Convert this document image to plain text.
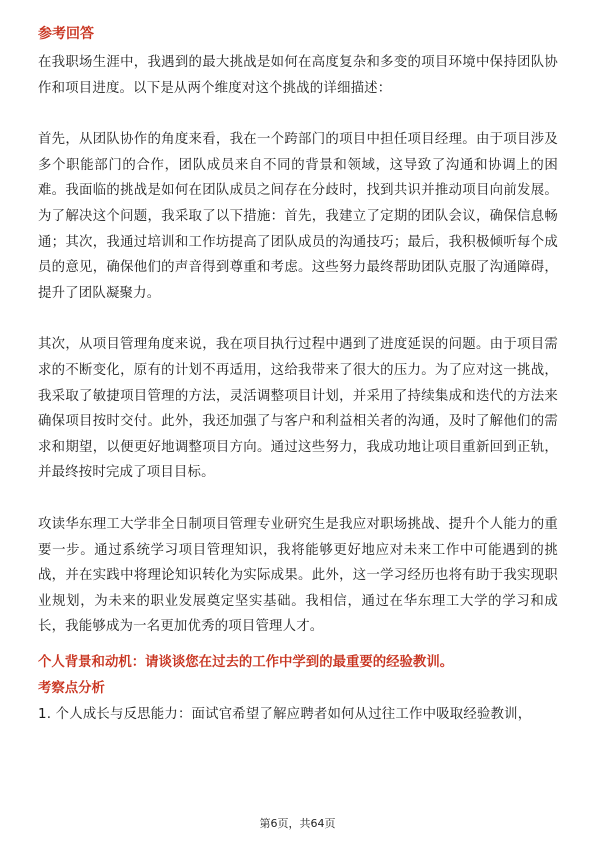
参考回答

在我职场生涯中，我遇到的最大挑战是如何在高度复杂和多变的项目环境中保持团队协作和项目进度。以下是从两个维度对这个挑战的详细描述：

首先，从团队协作的角度来看，我在一个跨部门的项目中担任项目经理。由于项目涉及多个职能部门的合作，团队成员来自不同的背景和领域，这导致了沟通和协调上的困难。我面临的挑战是如何在团队成员之间存在分歧时，找到共识并推动项目向前发展。为了解决这个问题，我采取了以下措施：首先，我建立了定期的团队会议，确保信息畅通；其次，我通过培训和工作坊提高了团队成员的沟通技巧；最后，我积极倾听每个成员的意见，确保他们的声音得到尊重和考虑。这些努力最终帮助团队克服了沟通障碍，提升了团队凝聚力。

其次，从项目管理角度来说，我在项目执行过程中遇到了进度延误的问题。由于项目需求的不断变化，原有的计划不再适用，这给我带来了很大的压力。为了应对这一挑战，我采取了敏捷项目管理的方法，灵活调整项目计划，并采用了持续集成和迭代的方法来确保项目按时交付。此外，我还加强了与客户和利益相关者的沟通，及时了解他们的需求和期望，以便更好地调整项目方向。通过这些努力，我成功地让项目重新回到正轨，并最终按时完成了项目目标。

攻读华东理工大学非全日制项目管理专业研究生是我应对职场挑战、提升个人能力的重要一步。通过系统学习项目管理知识，我将能够更好地应对未来工作中可能遇到的挑战，并在实践中将理论知识转化为实际成果。此外，这一学习经历也将有助于我实现职业规划，为未来的职业发展奠定坚实基础。我相信，通过在华东理工大学的学习和成长，我能够成为一名更加优秀的项目管理人才。

个人背景和动机：请谈谈您在过去的工作中学到的最重要的经验教训。

考察点分析

1. 个人成长与反思能力：面试官希望了解应聘者如何从过往工作中吸取经验教训，

第6页，共64页
